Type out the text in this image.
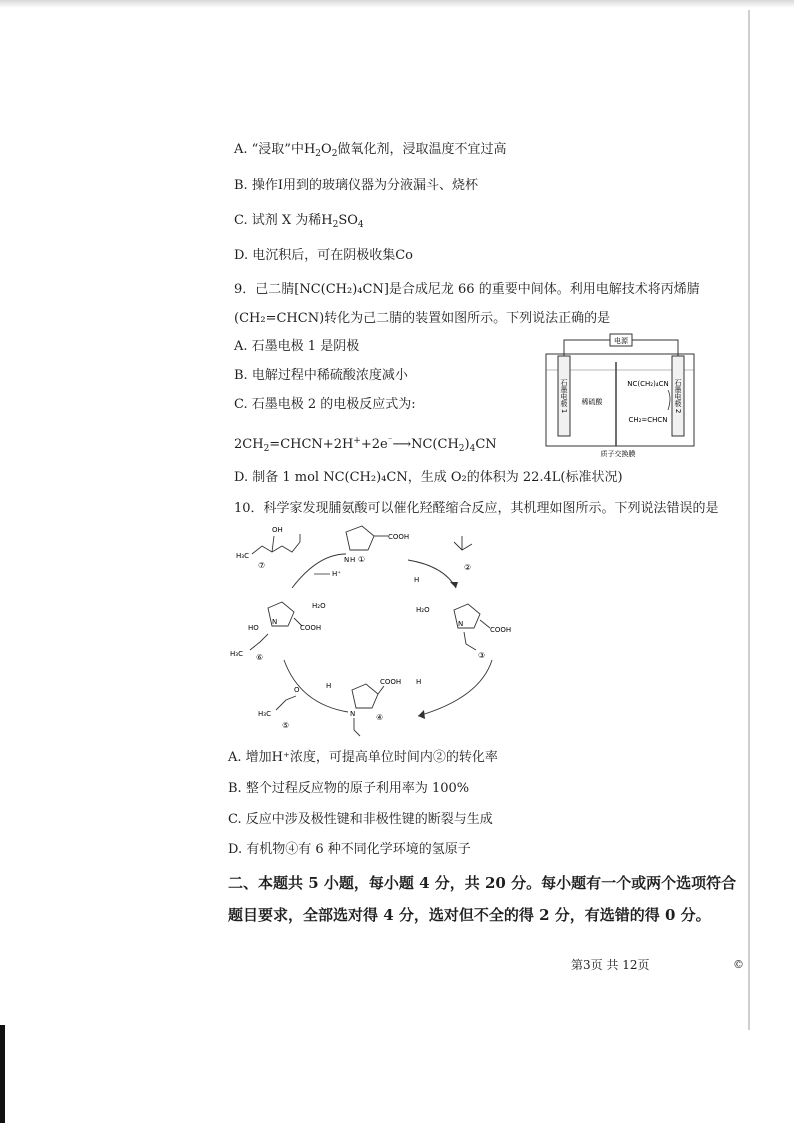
A. “浸取”中$H_2O_2$做氧化剂，浸取温度不宜过高
B. 操作Ⅰ用到的玻璃仪器为分液漏斗、烧杯
C. 试剂 X 为稀$H_2SO_4$
D. 电沉积后，可在阴极收集Co
9．己二腈[NC(CH₂)₄CN]是合成尼龙 66 的重要中间体。利用电解技术将丙烯腈
(CH₂=CHCN)转化为己二腈的装置如图所示。下列说法正确的是
A. 石墨电极 1 是阴极
B. 电解过程中稀硫酸浓度减小
C. 石墨电极 2 的电极反应式为:
$2CH_2=CHCN+2H^++2e^{^-}⟶NC(CH_2)_4CN$
D. 制备 1 mol NC(CH₂)₄CN，生成 O₂的体积为 22.4L(标准状况)
电源
石墨电极 1 稀硫酸
NC(CH₂)₄CN
CH₂=CHCN
石墨电极 2
质子交换膜
10．科学家发现脯氨酸可以催化羟醛缩合反应，其机理如图所示。下列说法错误的是
OH
H₃C
⑦
COOH
N H ①
②
H⁺
H₂O
H
H₂O
H
H
COOH
N
③
COOH
N	④
O
H₃C
⑤
COOH
N
HO
H₃C ⑥
A. 增加H⁺浓度，可提高单位时间内②的转化率
B. 整个过程反应物的原子利用率为 100%
C. 反应中涉及极性键和非极性键的断裂与生成
D. 有机物④有 6 种不同化学环境的氢原子
二、本题共 5 小题，每小题 4 分，共 20 分。每小题有一个或两个选项符合
题目要求，全部选对得 4 分，选对但不全的得 2 分，有选错的得 0 分。
第3页 共 12页	©
